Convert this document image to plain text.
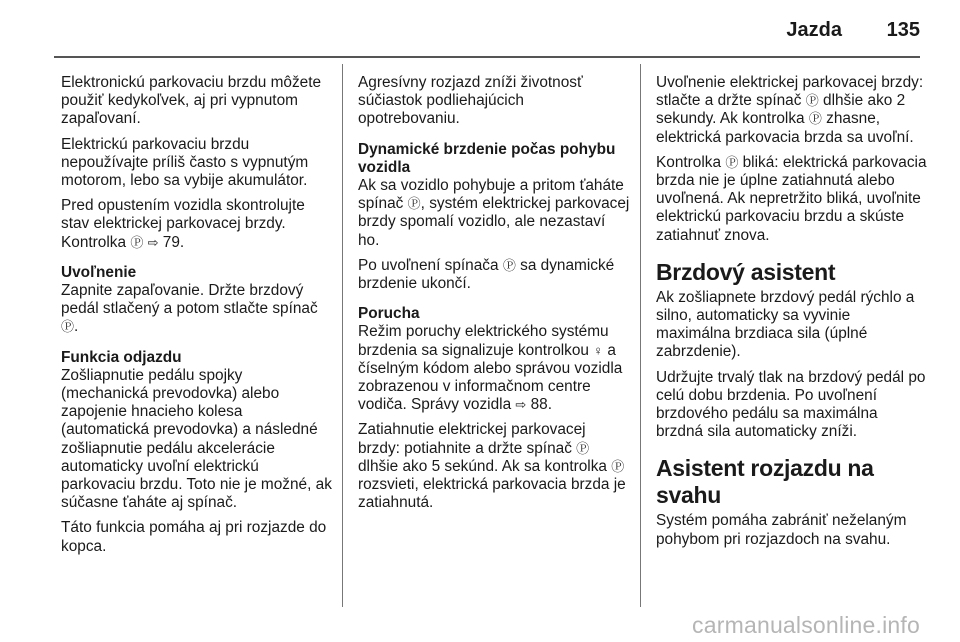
Jazda 135

Elektronickú parkovaciu brzdu môžete použiť kedykoľvek, aj pri vypnutom zapaľovaní.

Elektrickú parkovaciu brzdu nepoužívajte príliš často s vypnutým motorom, lebo sa vybije akumulátor.

Pred opustením vozidla skontrolujte stav elektrickej parkovacej brzdy. Kontrolka Ⓟ ⇨ 79.

Uvoľnenie

Zapnite zapaľovanie. Držte brzdový pedál stlačený a potom stlačte spínač Ⓟ.

Funkcia odjazdu

Zošliapnutie pedálu spojky (mechanická prevodovka) alebo zapojenie hnacieho kolesa (automatická prevodovka) a následné zošliapnutie pedálu akcelerácie automaticky uvoľní elektrickú parkovaciu brzdu. Toto nie je možné, ak súčasne ťaháte aj spínač.

Táto funkcia pomáha aj pri rozjazde do kopca.

Agresívny rozjazd zníži životnosť súčiastok podliehajúcich opotrebovaniu.

Dynamické brzdenie počas pohybu vozidla

Ak sa vozidlo pohybuje a pritom ťaháte spínač Ⓟ, systém elektrickej parkovacej brzdy spomalí vozidlo, ale nezastaví ho.

Po uvoľnení spínača Ⓟ sa dynamické brzdenie ukončí.

Porucha

Režim poruchy elektrického systému brzdenia sa signalizuje kontrolkou ♀ a číselným kódom alebo správou vozidla zobrazenou v informačnom centre vodiča. Správy vozidla ⇨ 88.

Zatiahnutie elektrickej parkovacej brzdy: potiahnite a držte spínač Ⓟ dlhšie ako 5 sekúnd. Ak sa kontrolka Ⓟ rozsvieti, elektrická parkovacia brzda je zatiahnutá.

Uvoľnenie elektrickej parkovacej brzdy: stlačte a držte spínač Ⓟ dlhšie ako 2 sekundy. Ak kontrolka Ⓟ zhasne, elektrická parkovacia brzda sa uvoľní.

Kontrolka Ⓟ bliká: elektrická parkovacia brzda nie je úplne zatiahnutá alebo uvoľnená. Ak nepretržito bliká, uvoľnite elektrickú parkovaciu brzdu a skúste zatiahnuť znova.

Brzdový asistent

Ak zošliapnete brzdový pedál rýchlo a silno, automaticky sa vyvinie maximálna brzdiaca sila (úplné zabrzdenie).

Udržujte trvalý tlak na brzdový pedál po celú dobu brzdenia. Po uvoľnení brzdového pedálu sa maximálna brzdná sila automaticky zníži.

Asistent rozjazdu na svahu

Systém pomáha zabrániť neželaným pohybom pri rozjazdoch na svahu.

carmanualsonline.info
